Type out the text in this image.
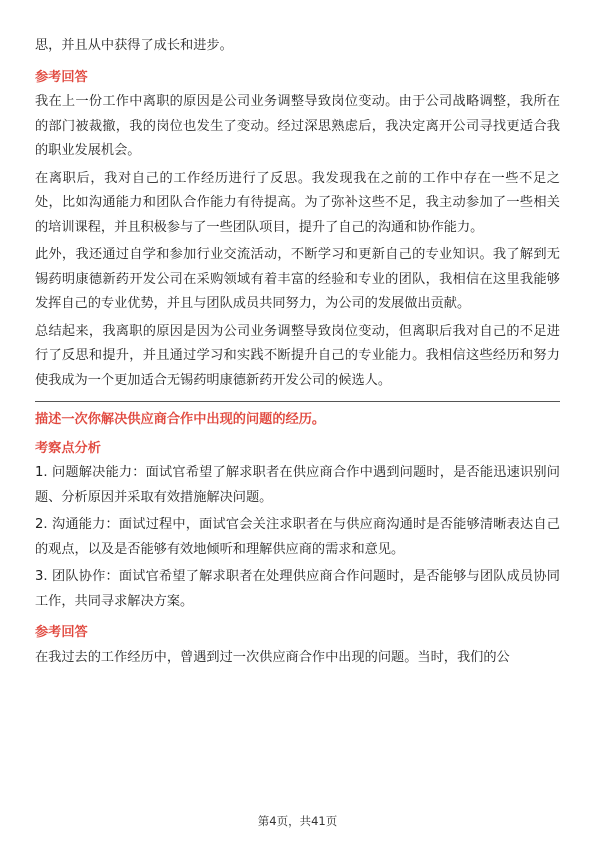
思，并且从中获得了成长和进步。

参考回答

我在上一份工作中离职的原因是公司业务调整导致岗位变动。由于公司战略调整，我所在的部门被裁撤，我的岗位也发生了变动。经过深思熟虑后，我决定离开公司寻找更适合我的职业发展机会。

在离职后，我对自己的工作经历进行了反思。我发现我在之前的工作中存在一些不足之处，比如沟通能力和团队合作能力有待提高。为了弥补这些不足，我主动参加了一些相关的培训课程，并且积极参与了一些团队项目，提升了自己的沟通和协作能力。

此外，我还通过自学和参加行业交流活动，不断学习和更新自己的专业知识。我了解到无锡药明康德新药开发公司在采购领域有着丰富的经验和专业的团队，我相信在这里我能够发挥自己的专业优势，并且与团队成员共同努力，为公司的发展做出贡献。

总结起来，我离职的原因是因为公司业务调整导致岗位变动，但离职后我对自己的不足进行了反思和提升，并且通过学习和实践不断提升自己的专业能力。我相信这些经历和努力使我成为一个更加适合无锡药明康德新药开发公司的候选人。

描述一次你解决供应商合作中出现的问题的经历。
考察点分析

1. 问题解决能力：面试官希望了解求职者在供应商合作中遇到问题时，是否能迅速识别问题、分析原因并采取有效措施解决问题。

2. 沟通能力：面试过程中，面试官会关注求职者在与供应商沟通时是否能够清晰表达自己的观点，以及是否能够有效地倾听和理解供应商的需求和意见。

3. 团队协作：面试官希望了解求职者在处理供应商合作问题时，是否能够与团队成员协同工作，共同寻求解决方案。

参考回答

在我过去的工作经历中，曾遇到过一次供应商合作中出现的问题。当时，我们的公

第4页，共41页
